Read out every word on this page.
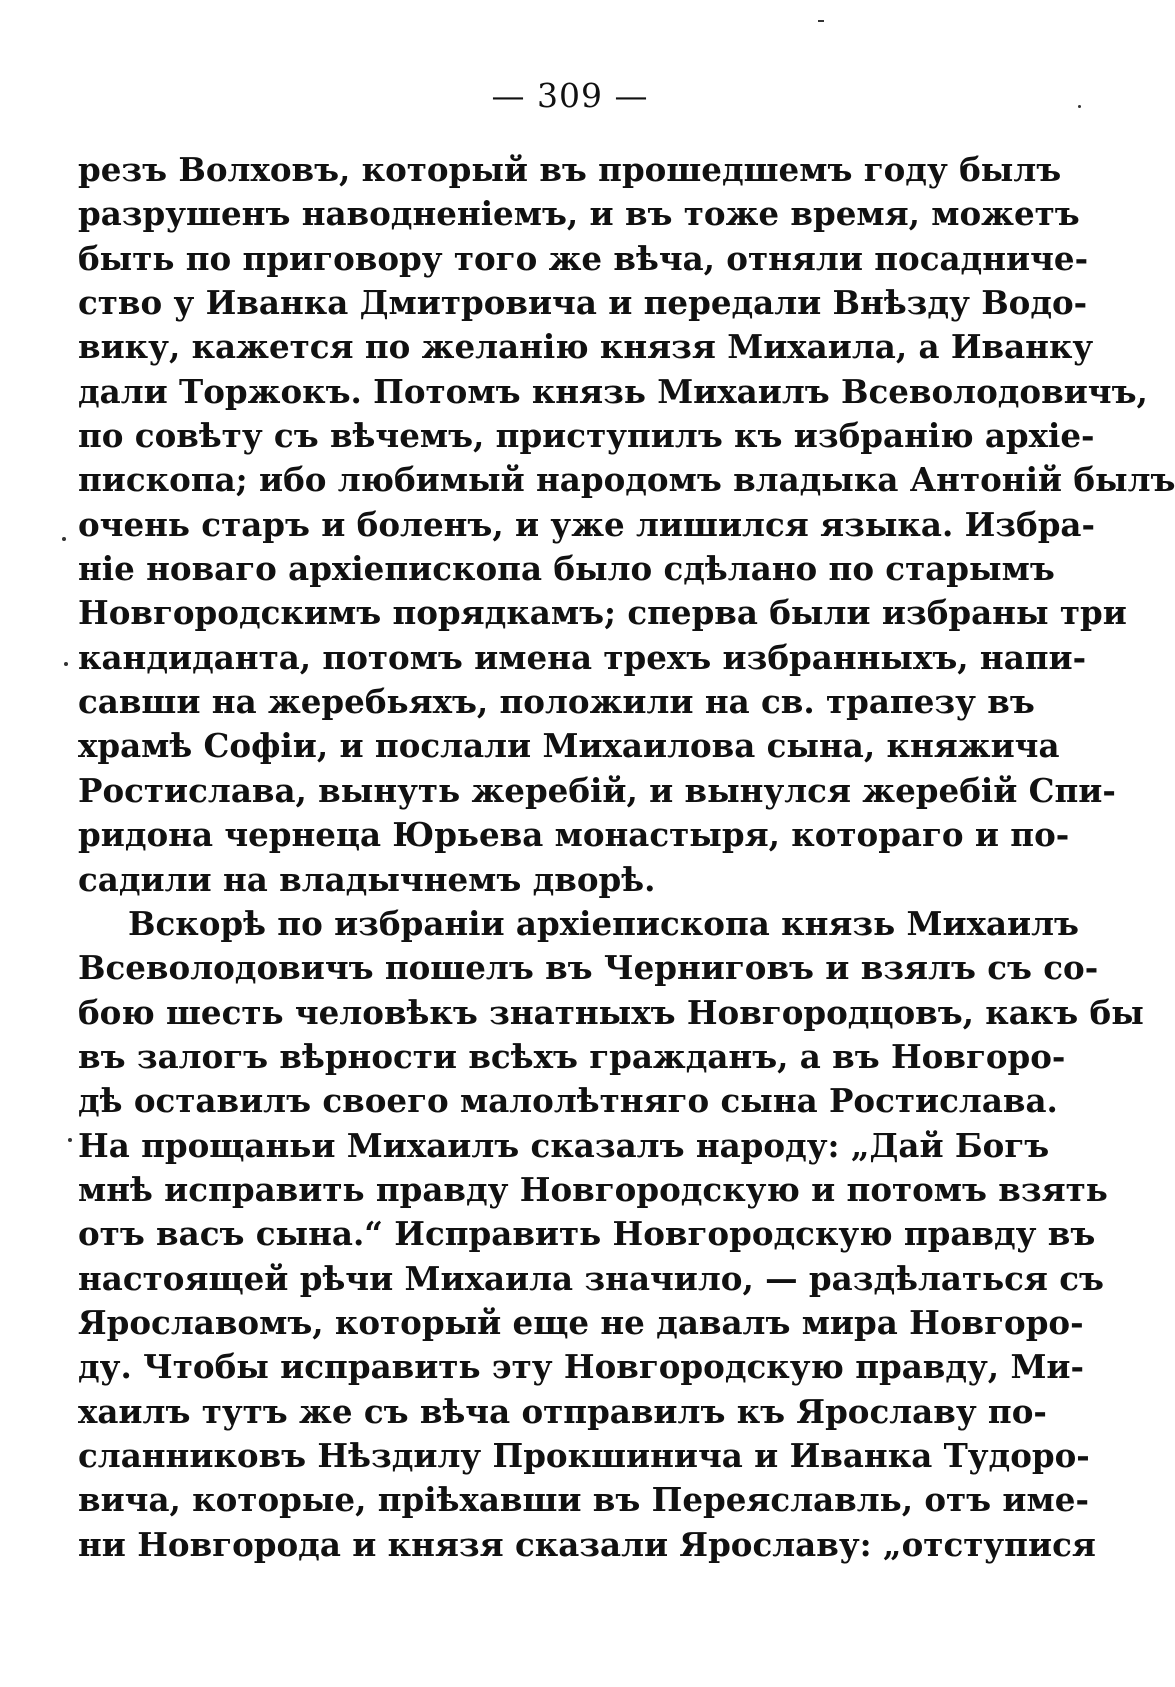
— 309 —
резъ Волховъ, который въ прошедшемъ году былъ
разрушенъ наводненіемъ, и въ тоже время, можетъ
быть по приговору того же вѣча, отняли посадниче-
ство у Иванка Дмитровича и передали Внѣзду Водо-
вику, кажется по желанію князя Михаила, а Иванку
дали Торжокъ. Потомъ князь Михаилъ Всеволодовичъ,
по совѣту съ вѣчемъ, приступилъ къ избранію архіе-
пископа; ибо любимый народомъ владыка Антоній былъ
очень старъ и боленъ, и уже лишился языка. Избра-
ніе новаго архіепископа было сдѣлано по старымъ
Новгородскимъ порядкамъ; сперва были избраны три
кандиданта, потомъ имена трехъ избранныхъ, напи-
савши на жеребьяхъ, положили на св. трапезу въ
храмѣ Софіи, и послали Михаилова сына, княжича
Ростислава, вынуть жеребій, и вынулся жеребій Спи-
ридона чернеца Юрьева монастыря, котораго и по-
садили на владычнемъ дворѣ.
Вскорѣ по избраніи архіепископа князь Михаилъ
Всеволодовичъ пошелъ въ Черниговъ и взялъ съ со-
бою шесть человѣкъ знатныхъ Новгородцовъ, какъ бы
въ залогъ вѣрности всѣхъ гражданъ, а въ Новгоро-
дѣ оставилъ своего малолѣтняго сына Ростислава.
На прощаньи Михаилъ сказалъ народу: „Дай Богъ
мнѣ исправить правду Новгородскую и потомъ взять
отъ васъ сына.“ Исправить Новгородскую правду въ
настоящей рѣчи Михаила значило, — раздѣлаться съ
Ярославомъ, который еще не давалъ мира Новгоро-
ду. Чтобы исправить эту Новгородскую правду, Ми-
хаилъ тутъ же съ вѣча отправилъ къ Ярославу по-
сланниковъ Нѣздилу Прокшинича и Иванка Тудоро-
вича, которые, пріѣхавши въ Переяславль, отъ име-
ни Новгорода и князя сказали Ярославу: „отступися
